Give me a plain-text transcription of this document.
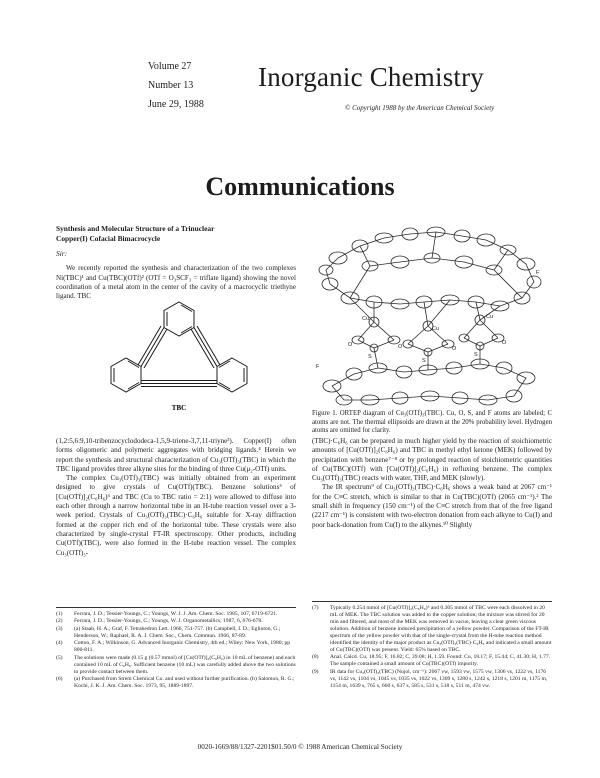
Volume 27
Number 13
June 29, 1988
Inorganic Chemistry
© Copyright 1988 by the American Chemical Society
Communications
Synthesis and Molecular Structure of a Trinuclear
Copper(I) Cofacial Bimacrocycle
Sir:

We recently reported the synthesis and characterization of the two complexes Ni(TBC)¹ and Cu(TBC)(OTf)² (OTf = O₃SCF₃ = triflate ligand) showing the novel coordination of a metal atom in the center of the cavity of a macrocyclic triethyne ligand. TBC

TBC

(1,2:5,6:9,10-tribenzocyclododeca-1,5,9-triene-3,7,11-triyne³). Copper(I) often forms oligomeric and polymeric aggregates with bridging ligands.⁴ Herein we report the synthesis and structural characterization of Cu₃(OTf)₃(TBC) in which the TBC ligand provides three alkyne sites for the binding of three Cu(μ₂-OTf) units.

The complex Cu₃(OTf)₃(TBC) was initially obtained from an experiment designed to give crystals of Cu(OTf)(TBC). Benzene solutions⁵ of [Cu(OTf)]₂(C₆H₆)⁶ and TBC (Cu to TBC ratio = 2:1) were allowed to diffuse into each other through a narrow horizontal tube in an H-tube reaction vessel over a 3-week period. Crystals of Cu₃(OTf)₃(TBC)·C₆H₆ suitable for X-ray diffraction formed at the copper rich end of the horizontal tube. These crystals were also characterized by single-crystal FT-IR spectroscopy. Other products, including Cu(OTf)(TBC), were also formed in the H-tube reaction vessel. The complex Cu₃(OTf)₃-

(1)	Ferrara, J. D.; Tessier-Youngs, C.; Youngs, W. J. J. Am. Chem. Soc. 1985, 107, 6719-6721.
(2)	Ferrara, J. D.; Tessier-Youngs, C.; Youngs, W. J. Organometallics, 1987, 6, 676-678.
(3)	(a) Staab, H. A.; Graf, F. Tetrahedron Lett. 1966, 751-757. (b) Campbell, I. D.; Eglinton, G.; Henderson, W.; Raphael, R. A. J. Chem. Soc., Chem. Commun. 1966, 87-89.
(4)	Cotton, F. A.; Wilkinson, G. Advanced Inorganic Chemistry, 4th ed.; Wiley: New York, 1980; pp 800-811.
(5)	The solutions were made (0.15 g (0.57 mmol) of [Cu(OTf)]₂(C₆H₆) in 10 mL of benzene) and each contained 10 mL of C₆H₆. Sufficient benzene (10 mL) was carefully added above the two solutions to provide contact between them.
(6)	(a) Purchased from Strem Chemical Co. and used without further purification. (b) Salomon, R. G.; Kochi, J. K. J. Am. Chem. Soc. 1973, 95, 1889-1897.
Cu
Cu
Cu
O	O	O
O
S
S
S
F
F
Figure 1. ORTEP diagram of Cu₃(OTf)₃(TBC). Cu, O, S, and F atoms are labeled; C atoms are not. The thermal ellipsoids are drawn at the 20% probability level. Hydrogen atoms are omitted for clarity.

(TBC)·C₆H₆ can be prepared in much higher yield by the reaction of stoichiometric amounts of [Cu(OTf)]₂(C₆H₆) and TBC in methyl ethyl ketone (MEK) followed by precipitation with benzene⁷⁻⁸ or by prolonged reaction of stoichiometric quantities of Cu(TBC)(OTf) with [Cu(OTf)]₂(C₆H₆) in refluxing benzene. The complex Cu₃(OTf)₃(TBC) reacts with water, THF, and MEK (slowly).

The IR spectrum⁹ of Cu₃(OTf)₃(TBC)·C₆H₆ shows a weak band at 2067 cm⁻¹ for the C≡C stretch, which is similar to that in Cu(TBC)(OTf) (2065 cm⁻¹).² The small shift in frequency (150 cm⁻¹) of the C≡C stretch from that of the free ligand (2217 cm⁻¹) is consistent with two-electron donation from each alkyne to Cu(I) and poor back-donation from Cu(I) to the alkynes.¹⁰ Slightly

(7)	Typically 0.254 mmol of [Cu(OTf)]₂(C₆H₆)⁶ and 0.305 mmol of TBC were each dissolved in 20 mL of MEK. The TBC solution was added to the copper solution; the mixture was stirred for 20 min and filtered, and most of the MEK was removed in vacuo, leaving a clear green viscous solution. Addition of benzene induced precipitation of a yellow powder. Comparison of the FT-IR spectrum of the yellow powder with that of the single-crystal from the H-tube reaction method identified the identity of the major product as Cu₃(OTf)₃(TBC)·C₆H₆ and indicated a small amount of Cu(TBC)(OTf) was present. Yield: 65% based on TBC.
(8)	Anal. Calcd. Cu, 18.95; F, 16.82; C, 39.08; H, 1.59. Found: Cu, 18.17; F, 15.44; C, 41.30; H, 1.77. The sample contained a small amount of Cu(TBC)(OTf) impurity.
(9)	IR data for Cu₃(OTf)₃(TBC) (Nujol, cm⁻¹): 2067 vw, 1593 vw, 1575 vw, 1306 vs, 1222 vs, 1176 vs, 1142 vs, 1104 vs, 1045 vs, 1035 vs, 1022 vs, 1309 s, 1280 s, 1242 s, 1218 s, 1201 m, 1175 m, 1154 m, 1639 s, 765 s, 660 s, 637 s, 585 s, 531 s, 518 s, 511 m, 474 vw.
0020-1669/88/1327-2201$01.50/0 © 1988 American Chemical Society
